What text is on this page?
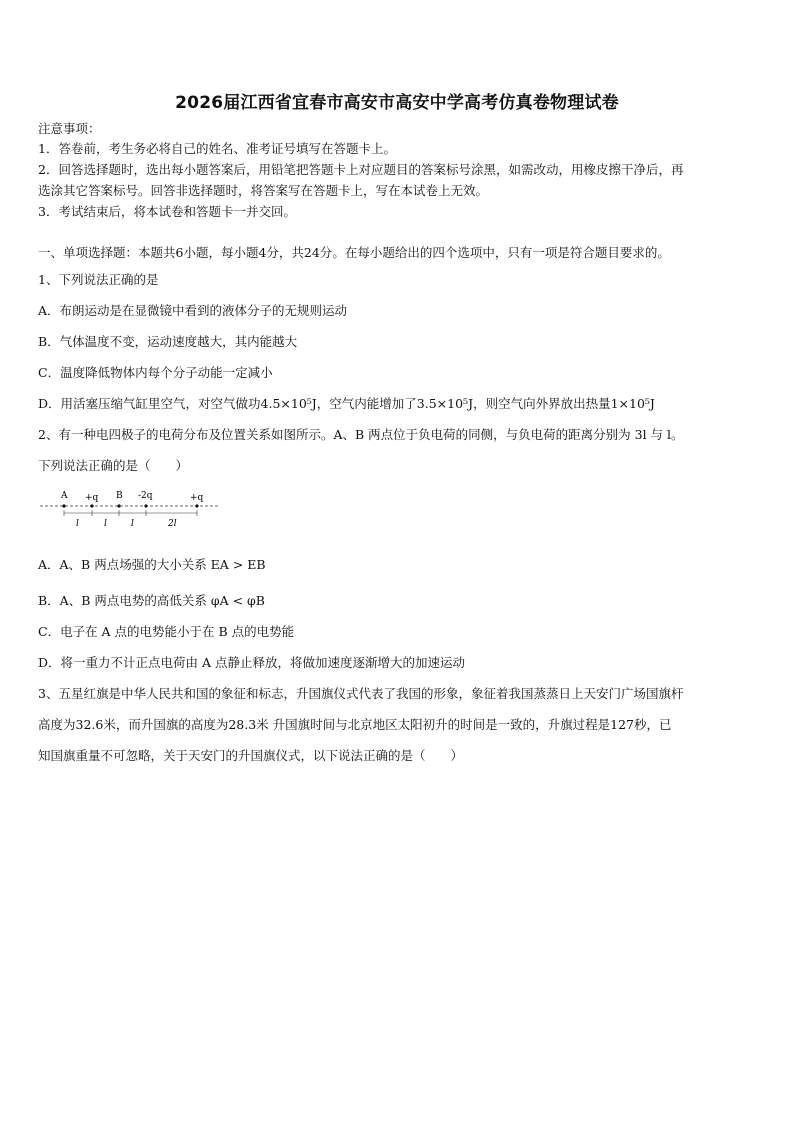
2026届江西省宜春市高安市高安中学高考仿真卷物理试卷
注意事项：
1．答卷前，考生务必将自己的姓名、准考证号填写在答题卡上。
2．回答选择题时，选出每小题答案后，用铅笔把答题卡上对应题目的答案标号涂黑，如需改动，用橡皮擦干净后，再
选涂其它答案标号。回答非选择题时，将答案写在答题卡上，写在本试卷上无效。
3．考试结束后，将本试卷和答题卡一并交回。
一、单项选择题：本题共6小题，每小题4分，共24分。在每小题给出的四个选项中，只有一项是符合题目要求的。
1、下列说法正确的是
A．布朗运动是在显微镜中看到的液体分子的无规则运动
B．气体温度不变，运动速度越大，其内能越大
C．温度降低物体内每个分子动能一定减小
D．用活塞压缩气缸里空气，对空气做功4.5×10⁵J，空气内能增加了3.5×10⁵J，则空气向外界放出热量1×10⁵J
2、有一种电四极子的电荷分布及位置关系如图所示。A、B 两点位于负电荷的同侧，与负电荷的距离分别为 3l 与 l。
下列说法正确的是（　　）
A +q B -2q	+q
l	l	l	2l
A．A、B 两点场强的大小关系 EA > EB
B．A、B 两点电势的高低关系 φA < φB
C．电子在 A 点的电势能小于在 B 点的电势能
D．将一重力不计正点电荷由 A 点静止释放，将做加速度逐渐增大的加速运动
3、五星红旗是中华人民共和国的象征和标志，升国旗仪式代表了我国的形象，象征着我国蒸蒸日上天安门广场国旗杆
高度为32.6米，而升国旗的高度为28.3米 升国旗时间与北京地区太阳初升的时间是一致的，升旗过程是127秒，已
知国旗重量不可忽略，关于天安门的升国旗仪式，以下说法正确的是（　　）
